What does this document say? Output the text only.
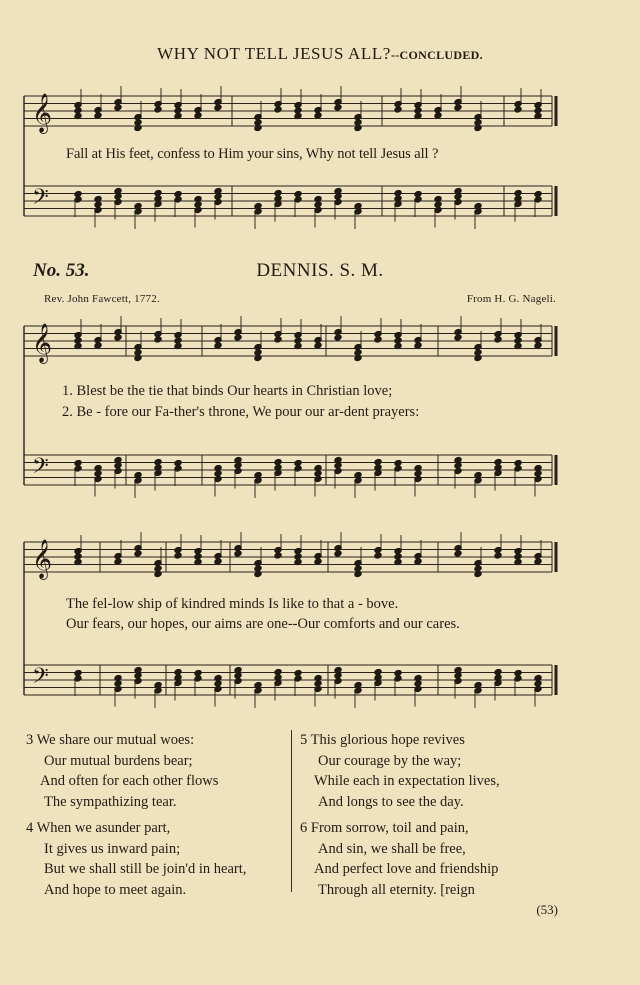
𝄞
𝄢
𝄞
𝄢
𝄞
𝄢
WHY NOT TELL JESUS ALL?--CONCLUDED.
Fall at His feet, confess to Him your sins, Why not tell Jesus all ?
DENNIS. S. M.
No. 53.
Rev. John Fawcett, 1772.	From H. G. Nageli.
1. Blest be the tie that binds Our hearts in Christian love;
2. Be - fore our Fa-ther's throne, We pour our ar-dent prayers:
The fel-low ship of kindred minds Is like to that a - bove.
Our fears, our hopes, our aims are one--Our comforts and our cares.
3 We share our mutual woes:
Our mutual burdens bear;
And often for each other flows
The sympathizing tear.
4 When we asunder part,
It gives us inward pain;
But we shall still be join'd in heart,
And hope to meet again.
5 This glorious hope revives
Our courage by the way;
While each in expectation lives,
And longs to see the day.
6 From sorrow, toil and pain,
And sin, we shall be free,
And perfect love and friendship
Through all eternity. [reign
(53)
